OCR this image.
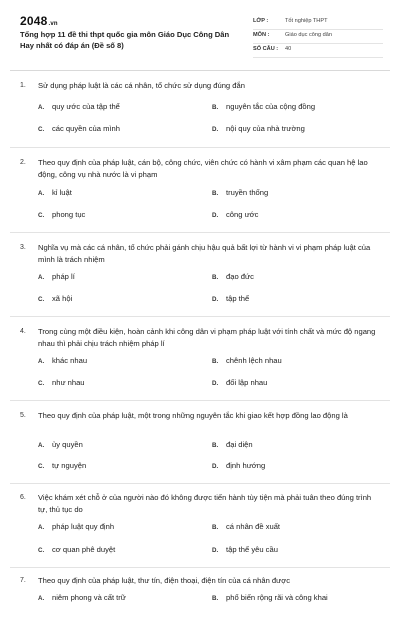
2048.vn
Tổng hợp 11 đề thi thpt quốc gia môn Giáo Dục Công Dân Hay nhất có đáp án (Đề số 8)
LỚP :	Tốt nghiệp THPT
MÔN :	Giáo dục công dân
SỐ CÂU : 40
1. Sử dụng pháp luật là các cá nhân, tổ chức sử dụng đúng đắn
A. quy ước của tập thể	B. nguyên tắc của cộng đồng
C. các quyền của mình	D. nội quy của nhà trường
2. Theo quy định của pháp luật, cán bộ, công chức, viên chức có hành vi xâm phạm các quan hệ lao động, công vụ nhà nước là vi phạm
A. kỉ luật	B. truyền thống
C. phong tục	D. công ước
3. Nghĩa vụ mà các cá nhân, tổ chức phải gánh chịu hậu quả bất lợi từ hành vi vi phạm pháp luật của mình là trách nhiệm
A. pháp lí	B. đạo đức
C. xã hội	D. tập thể
4. Trong cùng một điều kiện, hoàn cảnh khi công dân vi phạm pháp luật với tính chất và mức độ ngang nhau thì phải chịu trách nhiệm pháp lí
A. khác nhau	B. chênh lệch nhau
C. như nhau	D. đối lập nhau
5. Theo quy định của pháp luật, một trong những nguyên tắc khi giao kết hợp đồng lao động là
A. ủy quyền	B. đại diện
C. tự nguyện	D. định hướng
6. Việc khám xét chỗ ở của người nào đó không được tiến hành tùy tiện mà phải tuân theo đúng trình tự, thủ tục do
A. pháp luật quy định	B. cá nhân đề xuất
C. cơ quan phê duyệt	D. tập thể yêu cầu
7. Theo quy định của pháp luật, thư tín, điện thoại, điện tín của cá nhân được
A. niêm phong và cất trữ	B. phổ biến rộng rãi và công khai
